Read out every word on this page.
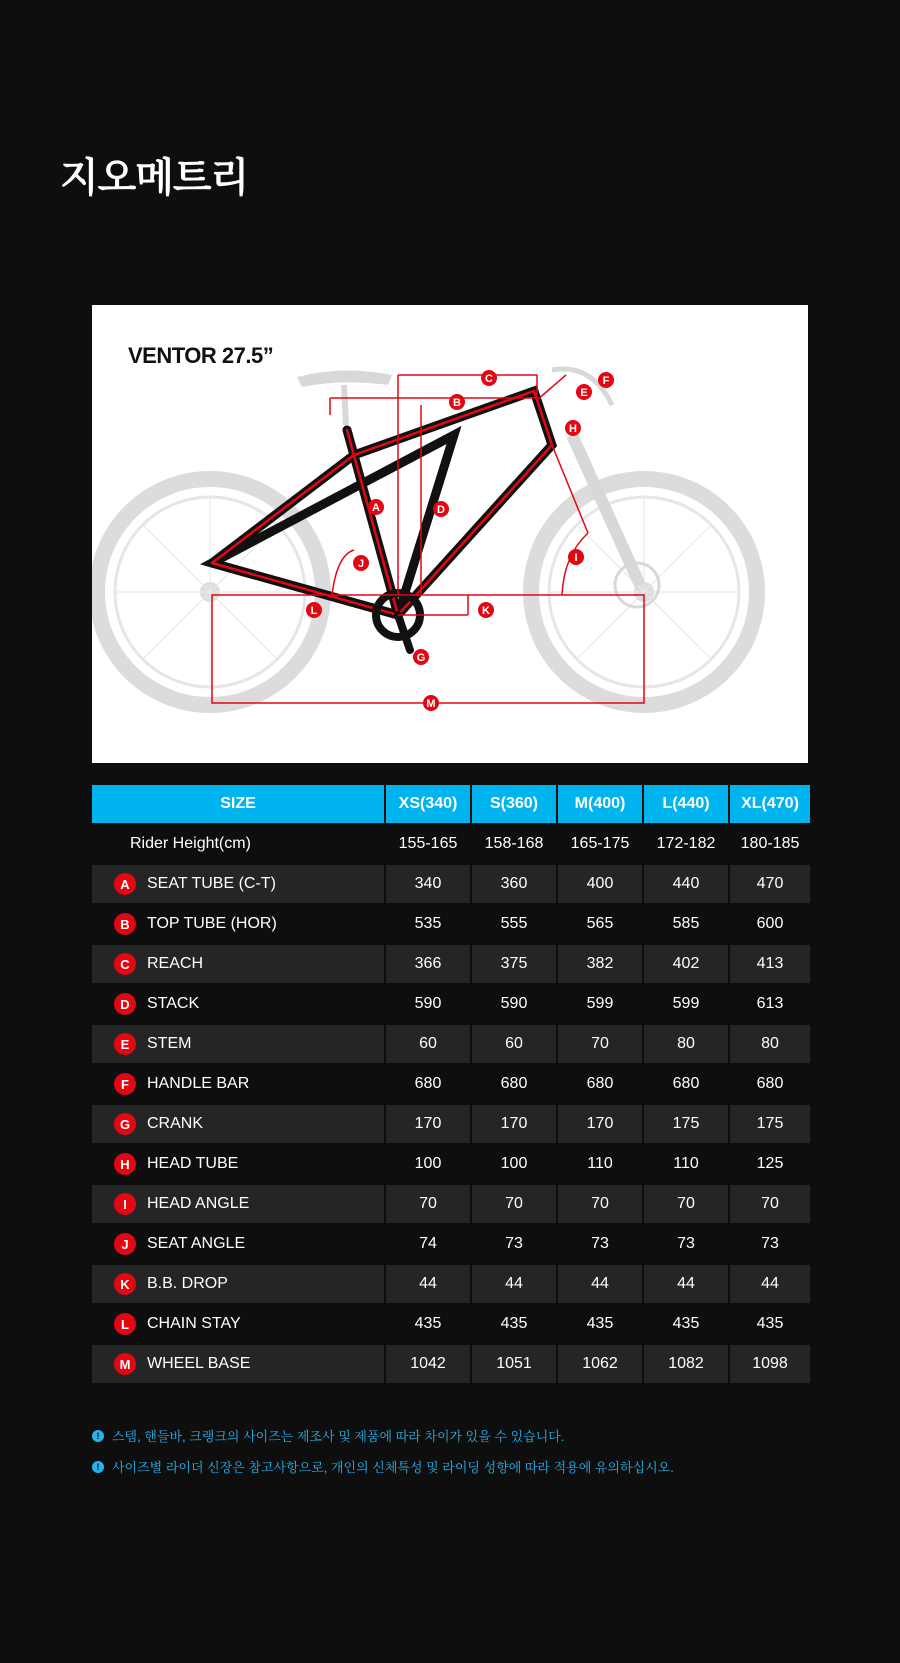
지오메트리
C	F
E
B
H
A	D
I
J
L	K
G
M
VENTOR 27.5”
SIZE	XS(340)	S(360)	M(400)	L(440)	XL(470)
Rider Height(cm)	155-165	158-168	165-175	172-182	180-185

A SEAT TUBE (C-T)	340	360	400	440	470

B TOP TUBE (HOR)	535	555	565	585	600

C REACH	366	375	382	402	413

D STACK	590	590	599	599	613

E STEM	60	60	70	80	80

F HANDLE BAR	680	680	680	680	680

G CRANK	170	170	170	175	175

H HEAD TUBE	100	100	110	110	125

I HEAD ANGLE	70	70	70	70	70

J SEAT ANGLE	74	73	73	73	73

K B.B. DROP	44	44	44	44	44

L CHAIN STAY	435	435	435	435	435

M WHEEL BASE	1042	1051	1062	1082	1098
! 스템, 핸들바, 크랭크의 사이즈는 제조사 및 제품에 따라 차이가 있을 수 있습니다.
! 사이즈별 라이더 신장은 참고사항으로, 개인의 신체특성 및 라이딩 성향에 따라 적용에 유의하십시오.
